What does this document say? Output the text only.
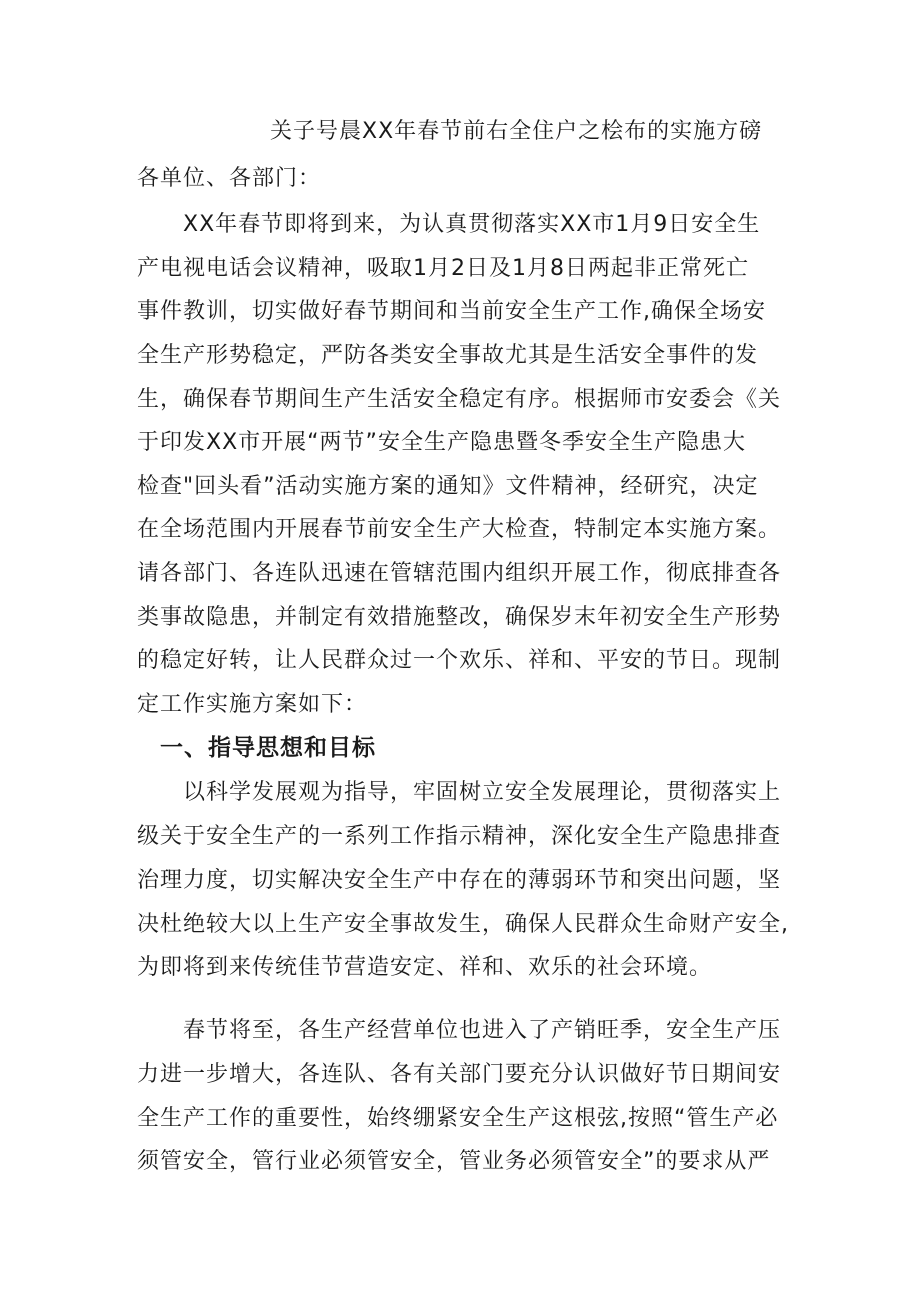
关子号晨XX年春节前右全住户之桧布的实施方磅
各单位、各部门：
XX年春节即将到来，为认真贯彻落实XX市1月9日安全生
产电视电话会议精神，吸取1月2日及1月8日两起非正常死亡
事件教训，切实做好春节期间和当前安全生产工作,确保全场安
全生产形势稳定，严防各类安全事故尤其是生活安全事件的发
生，确保春节期间生产生活安全稳定有序。根据师市安委会《关
于印发XX市开展“两节”安全生产隐患暨冬季安全生产隐患大
检查"回头看”活动实施方案的通知》文件精神，经研究，决定
在全场范围内开展春节前安全生产大检查，特制定本实施方案。
请各部门、各连队迅速在管辖范围内组织开展工作，彻底排查各
类事故隐患，并制定有效措施整改，确保岁末年初安全生产形势
的稳定好转，让人民群众过一个欢乐、祥和、平安的节日。现制
定工作实施方案如下：
一、指导思想和目标
以科学发展观为指导，牢固树立安全发展理论，贯彻落实上
级关于安全生产的一系列工作指示精神，深化安全生产隐患排查
治理力度，切实解决安全生产中存在的薄弱环节和突出问题，坚
决杜绝较大以上生产安全事故发生，确保人民群众生命财产安全,
为即将到来传统佳节营造安定、祥和、欢乐的社会环境。
春节将至，各生产经营单位也进入了产销旺季，安全生产压
力进一步增大，各连队、各有关部门要充分认识做好节日期间安
全生产工作的重要性，始终绷紧安全生产这根弦,按照“管生产必
须管安全，管行业必须管安全，管业务必须管安全”的要求从严
